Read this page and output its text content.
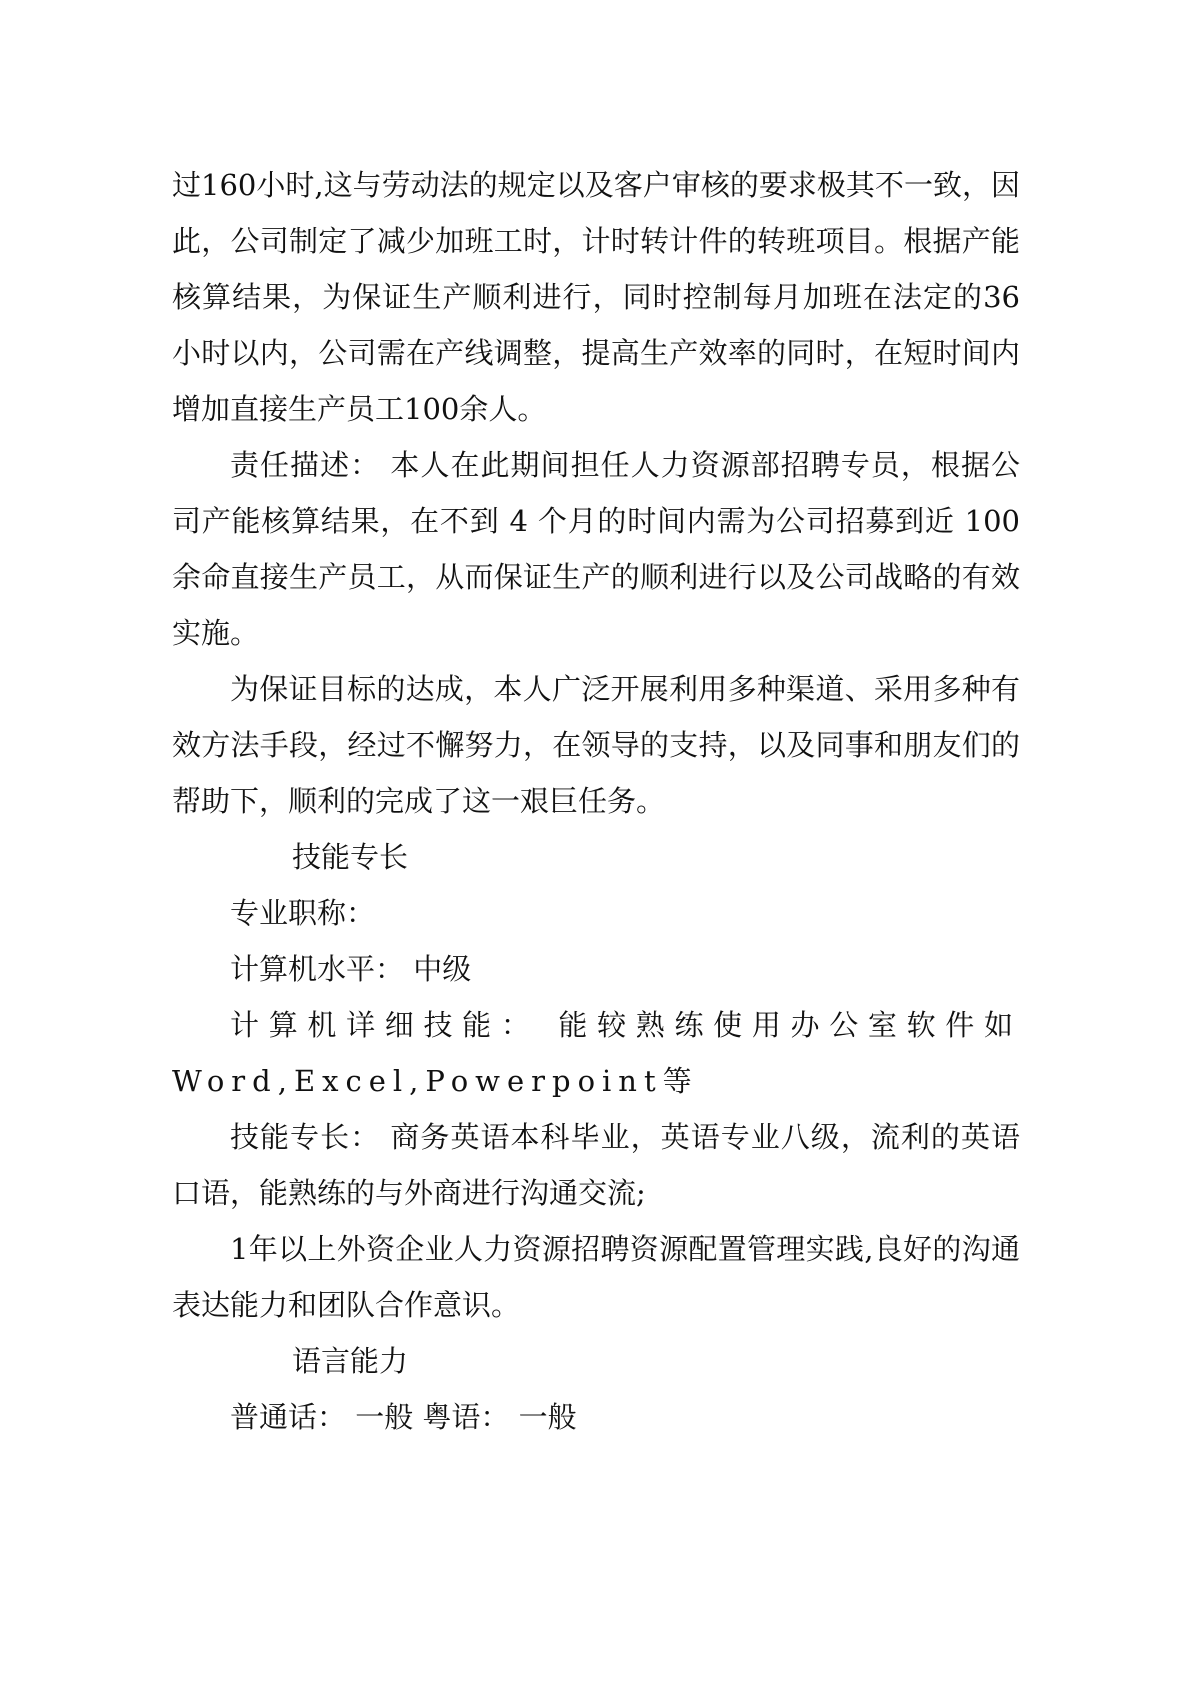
过160小时,这与劳动法的规定以及客户审核的要求极其不一致，因此，公司制定了减少加班工时，计时转计件的转班项目。根据产能核算结果，为保证生产顺利进行，同时控制每月加班在法定的36小时以内，公司需在产线调整，提高生产效率的同时，在短时间内增加直接生产员工100余人。

责任描述： 本人在此期间担任人力资源部招聘专员，根据公司产能核算结果，在不到 4 个月的时间内需为公司招募到近 100 余命直接生产员工，从而保证生产的顺利进行以及公司战略的有效实施。

为保证目标的达成，本人广泛开展利用多种渠道、采用多种有效方法手段，经过不懈努力，在领导的支持，以及同事和朋友们的帮助下，顺利的完成了这一艰巨任务。

技能专长

专业职称：

计算机水平： 中级

计算机详细技能： 能较熟练使用办公室软件如Word,Excel,Powerpoint等

技能专长： 商务英语本科毕业，英语专业八级，流利的英语口语，能熟练的与外商进行沟通交流;

1年以上外资企业人力资源招聘资源配置管理实践,良好的沟通表达能力和团队合作意识。

语言能力

普通话： 一般 粤语： 一般
